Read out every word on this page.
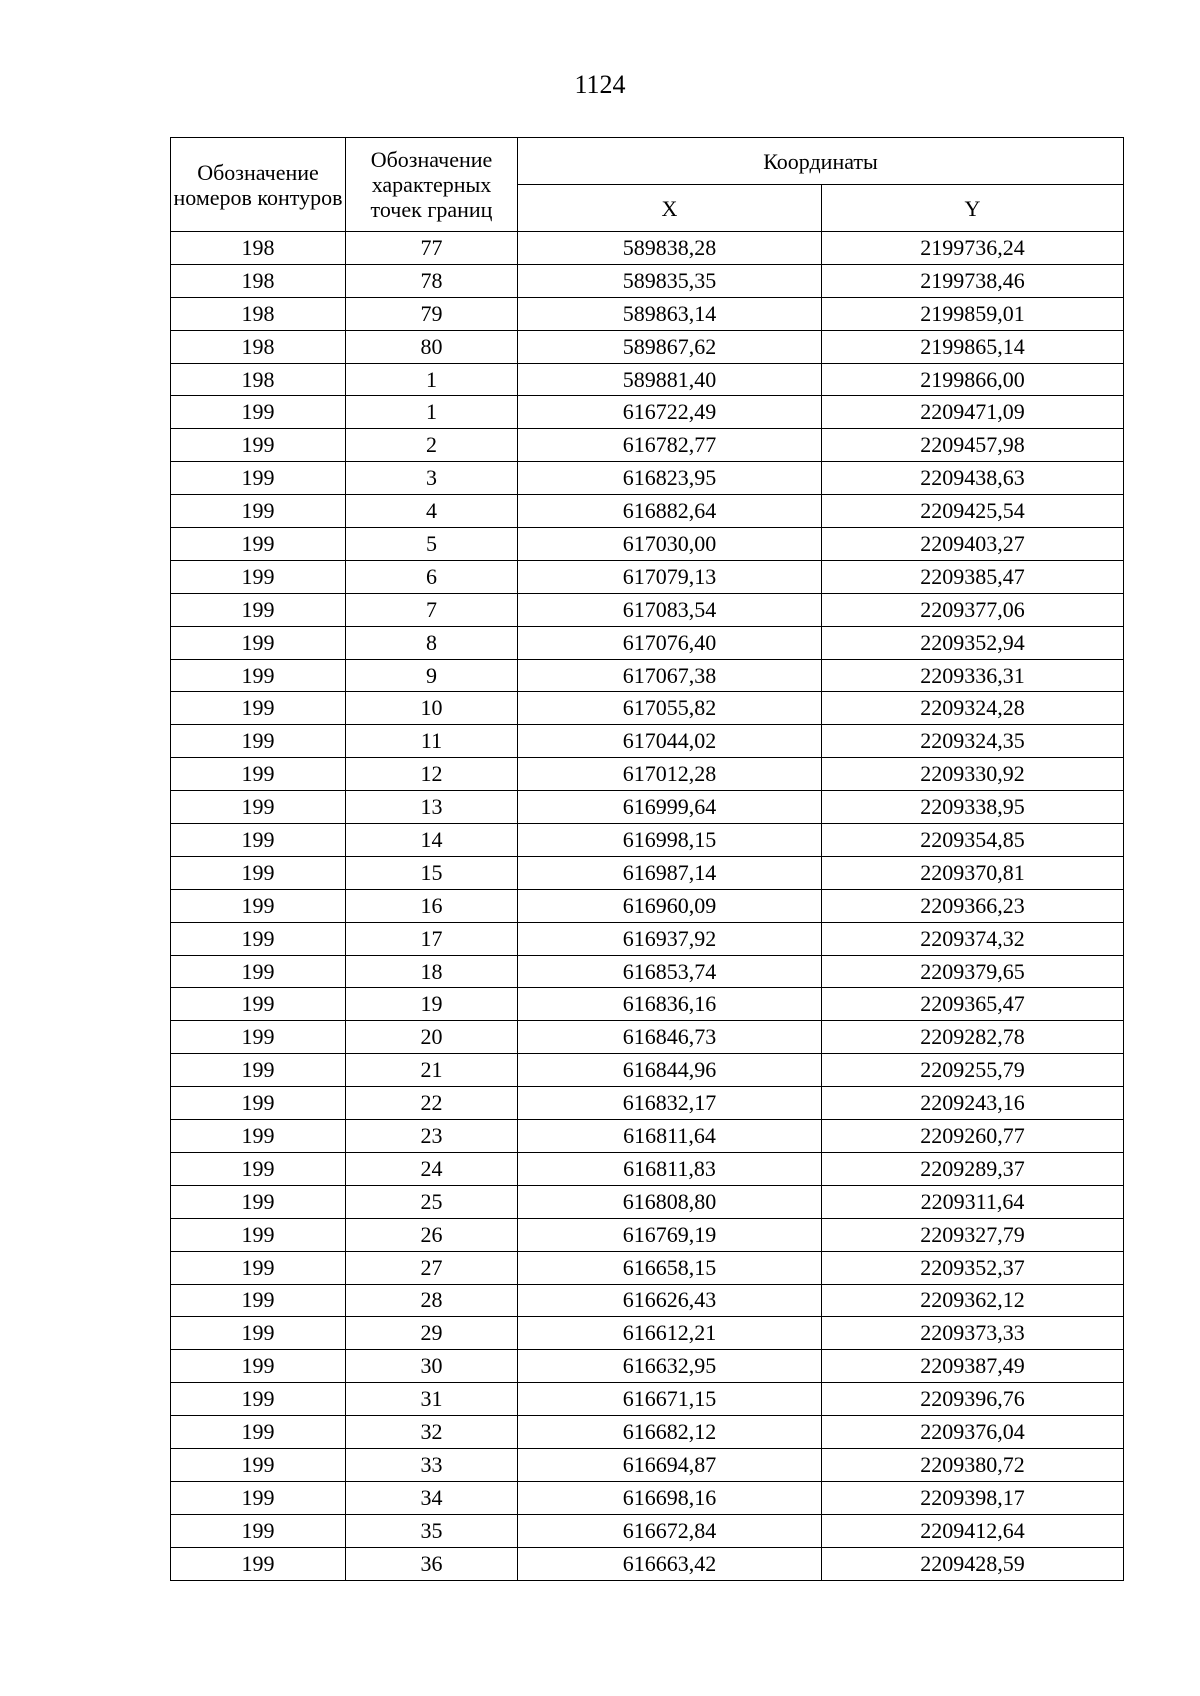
1124
Обозначение номеров контуров	Обозначение характерных точек границ	Координаты	
		X	Y
198	77	589838,28	2199736,24
198	78	589835,35	2199738,46
198	79	589863,14	2199859,01
198	80	589867,62	2199865,14
198	1	589881,40	2199866,00
199	1	616722,49	2209471,09
199	2	616782,77	2209457,98
199	3	616823,95	2209438,63
199	4	616882,64	2209425,54
199	5	617030,00	2209403,27
199	6	617079,13	2209385,47
199	7	617083,54	2209377,06
199	8	617076,40	2209352,94
199	9	617067,38	2209336,31
199	10	617055,82	2209324,28
199	11	617044,02	2209324,35
199	12	617012,28	2209330,92
199	13	616999,64	2209338,95
199	14	616998,15	2209354,85
199	15	616987,14	2209370,81
199	16	616960,09	2209366,23
199	17	616937,92	2209374,32
199	18	616853,74	2209379,65
199	19	616836,16	2209365,47
199	20	616846,73	2209282,78
199	21	616844,96	2209255,79
199	22	616832,17	2209243,16
199	23	616811,64	2209260,77
199	24	616811,83	2209289,37
199	25	616808,80	2209311,64
199	26	616769,19	2209327,79
199	27	616658,15	2209352,37
199	28	616626,43	2209362,12
199	29	616612,21	2209373,33
199	30	616632,95	2209387,49
199	31	616671,15	2209396,76
199	32	616682,12	2209376,04
199	33	616694,87	2209380,72
199	34	616698,16	2209398,17
199	35	616672,84	2209412,64
199	36	616663,42	2209428,59
